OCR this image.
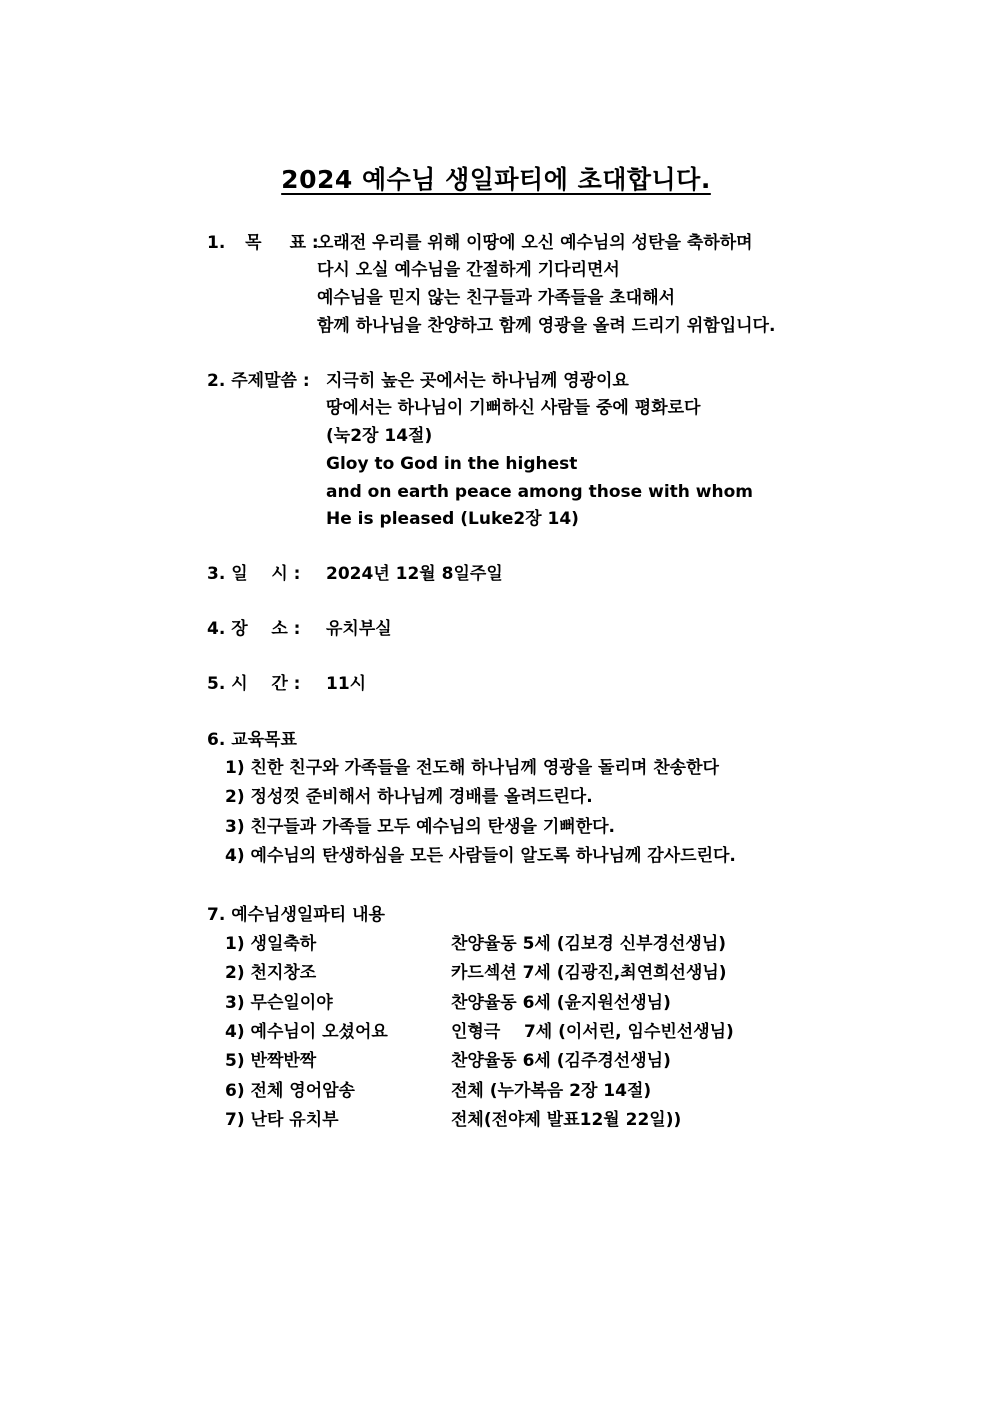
2024 예수님 생일파티에 초대합니다.
1. 목 표 :
오래전 우리를 위해 이땅에 오신 예수님의 성탄을 축하하며
다시 오실 예수님을 간절하게 기다리면서
예수님을 믿지 않는 친구들과 가족들을 초대해서
함께 하나님을 찬양하고 함께 영광을 올려 드리기 위함입니다.
2. 주제말씀 : 지극히 높은 곳에서는 하나님께 영광이요
땅에서는 하나님이 기뻐하신 사람들 중에 평화로다
(눅2장 14절)
Gloy to God in the highest
and on earth peace among those with whom
He is pleased (Luke2장 14)
3. 일    시 : 2024년 12월 8일주일
4. 장    소 : 유치부실
5. 시    간 : 11시
6. 교육목표
1) 친한 친구와 가족들을 전도해 하나님께 영광을 돌리며 찬송한다
2) 정성껏 준비해서 하나님께 경배를 올려드린다.
3) 친구들과 가족들 모두 예수님의 탄생을 기뻐한다.
4) 예수님의 탄생하심을 모든 사람들이 알도록 하나님께 감사드린다.
7. 예수님생일파티 내용
1) 생일축하	찬양율동 5세 (김보경 신부경선생님)
2) 천지창조	카드섹션 7세 (김광진,최연희선생님)
3) 무슨일이야	찬양율동 6세 (윤지원선생님)
4) 예수님이 오셨어요	인형극    7세 (이서린, 임수빈선생님)
5) 반짝반짝	찬양율동 6세 (김주경선생님)
6) 전체 영어암송	전체 (누가복음 2장 14절)
7) 난타 유치부	전체(전야제 발표12월 22일))
